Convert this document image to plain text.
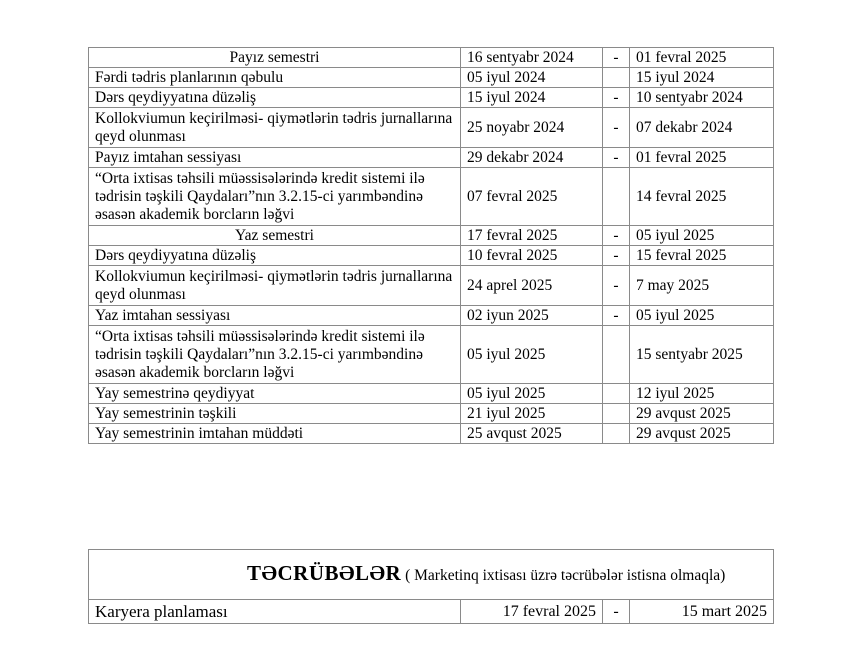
Payız semestri	16 sentyabr 2024	-	01 fevral 2025
Fərdi tədris planlarının qəbulu	05 iyul 2024		15 iyul 2024
Dərs qeydiyyatına düzəliş	15 iyul 2024	-	10 sentyabr 2024
Kollokviumun keçirilməsi- qiymətlərin tədris jurnallarına qeyd olunması	25 noyabr 2024	-	07 dekabr 2024
Payız imtahan sessiyası	29 dekabr 2024	-	01 fevral 2025
“Orta ixtisas təhsili müəssisələrində kredit sistemi ilə tədrisin təşkili Qaydaları”nın 3.2.15-ci yarımbəndinə əsasən akademik borcların ləğvi	07 fevral 2025		14 fevral 2025
Yaz semestri	17 fevral 2025	-	05 iyul 2025
Dərs qeydiyyatına düzəliş	10 fevral 2025	-	15 fevral 2025
Kollokviumun keçirilməsi- qiymətlərin tədris jurnallarına qeyd olunması	24 aprel 2025	-	7 may 2025
Yaz imtahan sessiyası	02 iyun 2025	-	05 iyul 2025
“Orta ixtisas təhsili müəssisələrində kredit sistemi ilə tədrisin təşkili Qaydaları”nın 3.2.15-ci yarımbəndinə əsasən akademik borcların ləğvi	05 iyul 2025		15 sentyabr 2025
Yay semestrinə qeydiyyat	05 iyul 2025		12 iyul 2025
Yay semestrinin təşkili	21 iyul 2025		29 avqust 2025
Yay semestrinin imtahan müddəti	25 avqust 2025		29 avqust 2025
TƏCRÜBƏLƏR ( Marketinq ixtisası üzrə təcrübələr istisna olmaqla)
Karyera planlaması	17 fevral 2025	-	15 mart 2025
